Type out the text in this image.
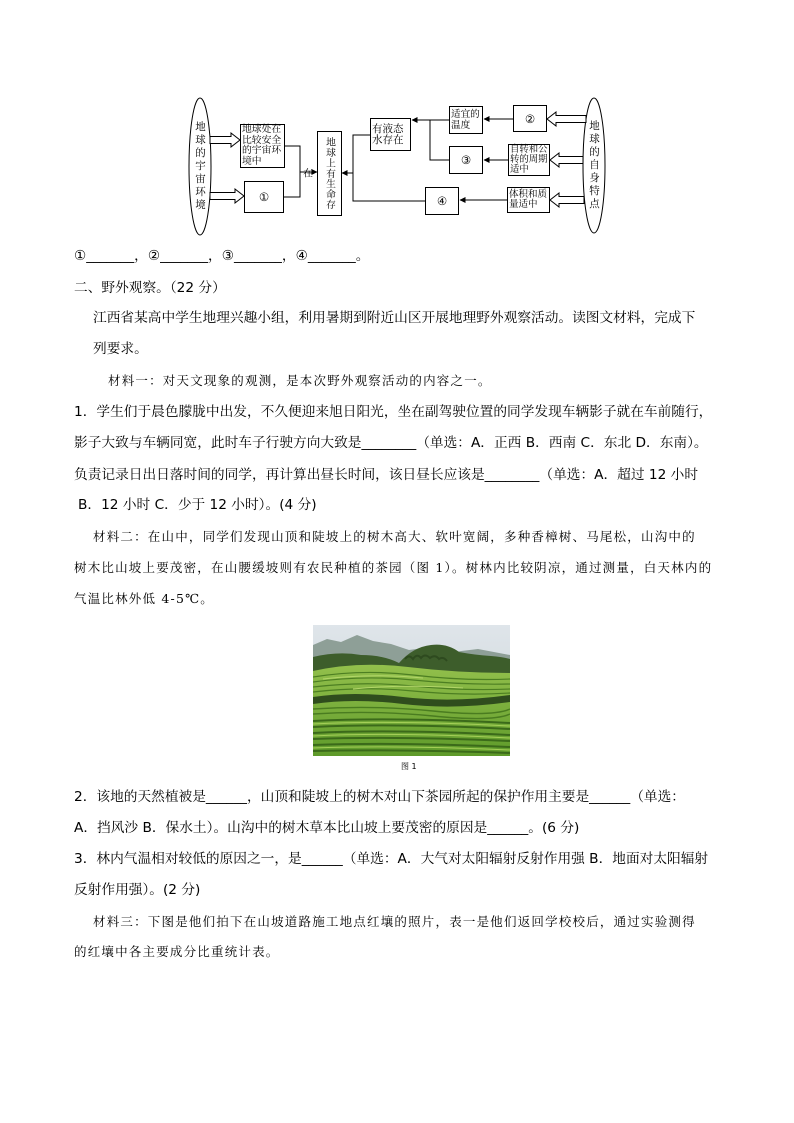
地球的宇宙环境	地球的自身特点
地球处在比较安全的宇宙环境中
①	地球上有生命存在
有液态水存在
适宜的温度	②
③
自转和公转的周期适中
④	体积和质量适中
①_______，②_______，③_______，④_______。
二、野外观察。（22 分）
江西省某高中学生地理兴趣小组，利用暑期到附近山区开展地理野外观察活动。读图文材料，完成下
列要求。
材料一：对天文现象的观测，是本次野外观察活动的内容之一。
1．学生们于晨色朦胧中出发，不久便迎来旭日阳光，坐在副驾驶位置的同学发现车辆影子就在车前随行，
影子大致与车辆同宽，此时车子行驶方向大致是________（单选：A．正西 B．西南 C．东北 D．东南）。
负责记录日出日落时间的同学，再计算出昼长时间，该日昼长应该是________（单选：A．超过 12 小时
B．12 小时 C．少于 12 小时）。(4 分)
材料二：在山中，同学们发现山顶和陡坡上的树木高大、软叶宽阔，多种香樟树、马尾松，山沟中的
树木比山坡上要茂密，在山腰缓坡则有农民种植的茶园（图 1）。树林内比较阴凉，通过测量，白天林内的
气温比林外低 4-5℃。
图 1
2．该地的天然植被是______，山顶和陡坡上的树木对山下茶园所起的保护作用主要是______（单选：
A．挡风沙 B．保水土）。山沟中的树木草本比山坡上要茂密的原因是______。(6 分)
3．林内气温相对较低的原因之一，是______（单选：A．大气对太阳辐射反射作用强 B．地面对太阳辐射
反射作用强）。(2 分)
材料三：下图是他们拍下在山坡道路施工地点红壤的照片，表一是他们返回学校校后，通过实验测得
的红壤中各主要成分比重统计表。
